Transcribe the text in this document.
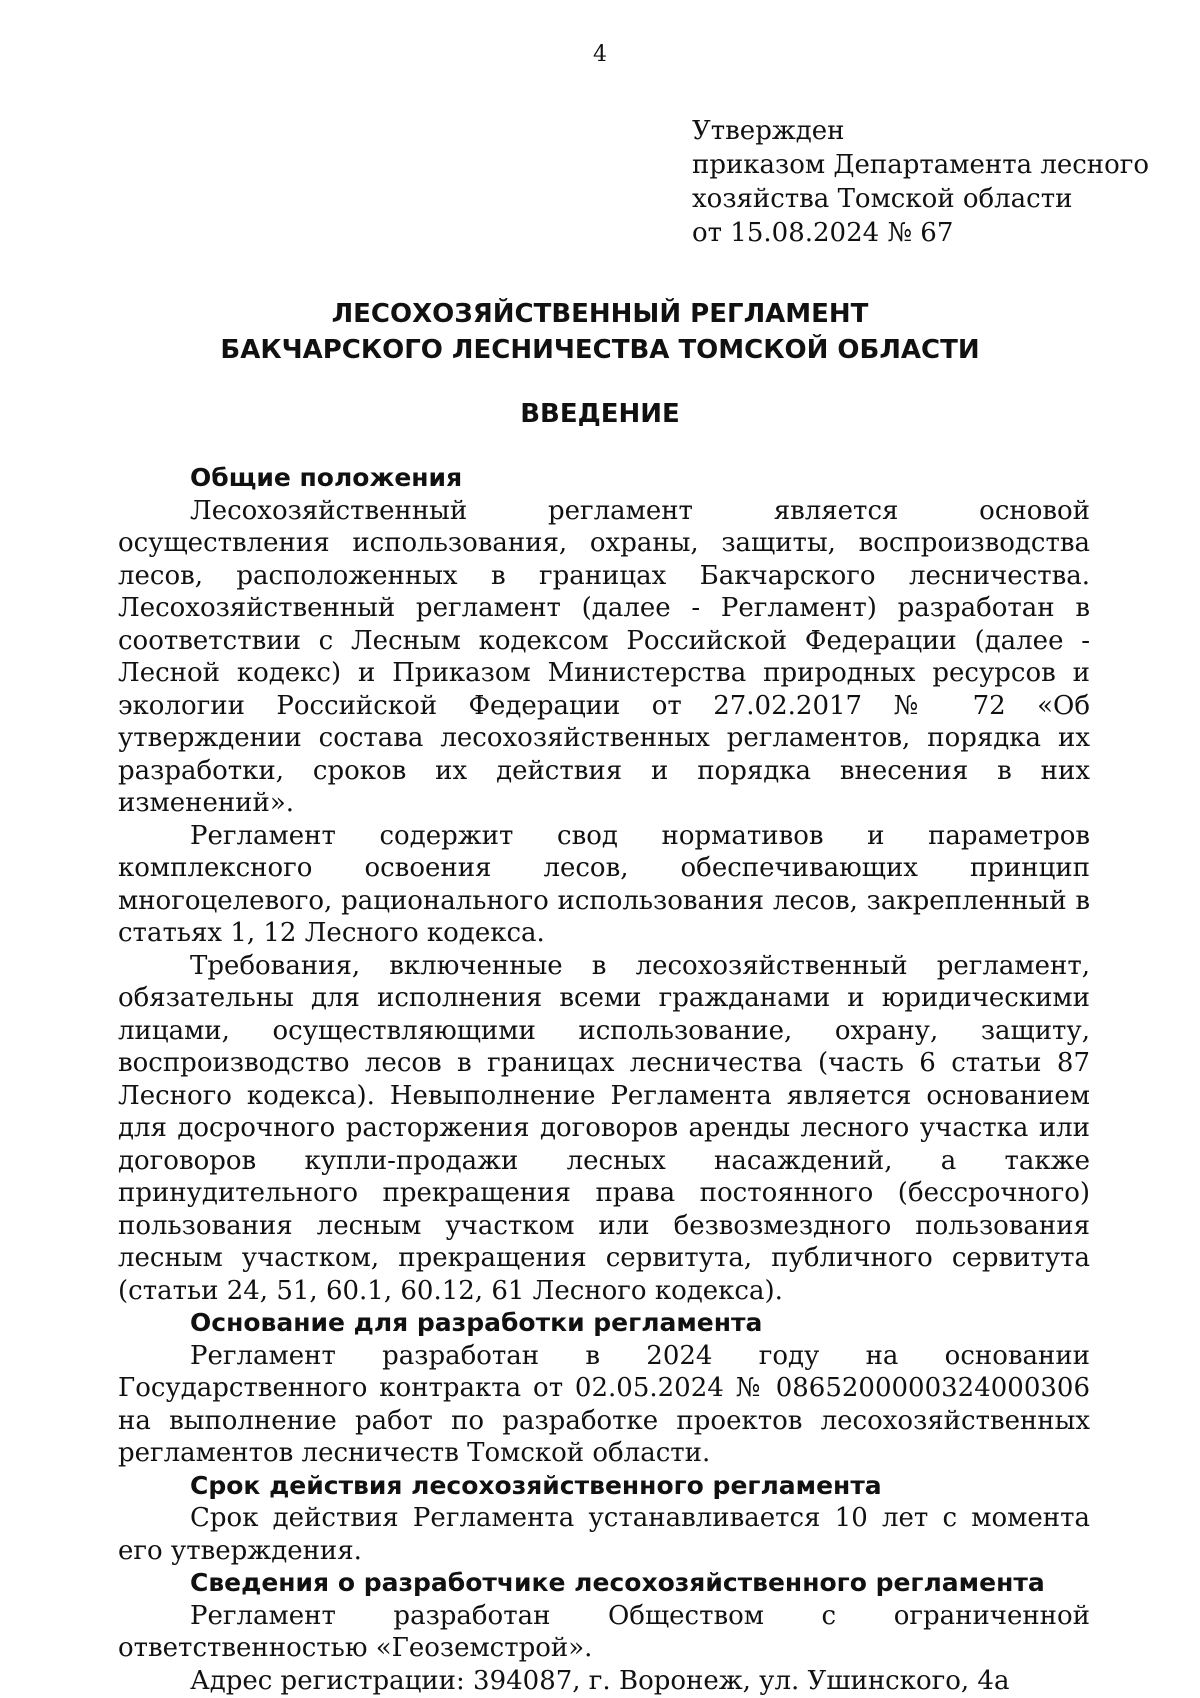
4
Утвержден
приказом Департамента лесного
хозяйства Томской области
от 15.08.2024 № 67
ЛЕСОХОЗЯЙСТВЕННЫЙ РЕГЛАМЕНТ
БАКЧАРСКОГО ЛЕСНИЧЕСТВА ТОМСКОЙ ОБЛАСТИ
ВВЕДЕНИЕ
Общие положения

Лесохозяйственный регламент является основой осуществления использования, охраны, защиты, воспроизводства лесов, расположенных в границах Бакчарского лесничества. Лесохозяйственный регламент (далее - Регламент) разработан в соответствии с Лесным кодексом Российской Федерации (далее - Лесной кодекс) и Приказом Министерства природных ресурсов и экологии Российской Федерации от 27.02.2017 № 72 «Об утверждении состава лесохозяйственных регламентов, порядка их разработки, сроков их действия и порядка внесения в них изменений».

Регламент содержит свод нормативов и параметров комплексного освоения лесов, обеспечивающих принцип многоцелевого, рационального использования лесов, закрепленный в статьях 1, 12 Лесного кодекса.

Требования, включенные в лесохозяйственный регламент, обязательны для исполнения всеми гражданами и юридическими лицами, осуществляющими использование, охрану, защиту, воспроизводство лесов в границах лесничества (часть 6 статьи 87 Лесного кодекса). Невыполнение Регламента является основанием для досрочного расторжения договоров аренды лесного участка или договоров купли-продажи лесных насаждений, а также принудительного прекращения права постоянного (бессрочного) пользования лесным участком или безвозмездного пользования лесным участком, прекращения сервитута, публичного сервитута (статьи 24, 51, 60.1, 60.12, 61 Лесного кодекса).

Основание для разработки регламента

Регламент разработан в 2024 году на основании Государственного контракта от 02.05.2024 № 0865200000324000306 на выполнение работ по разработке проектов лесохозяйственных регламентов лесничеств Томской области.

Срок действия лесохозяйственного регламента

Срок действия Регламента устанавливается 10 лет с момента его утверждения.

Сведения о разработчике лесохозяйственного регламента

Регламент разработан Обществом с ограниченной ответственностью «Геоземстрой».

Адрес регистрации: 394087, г. Воронеж, ул. Ушинского, 4а
